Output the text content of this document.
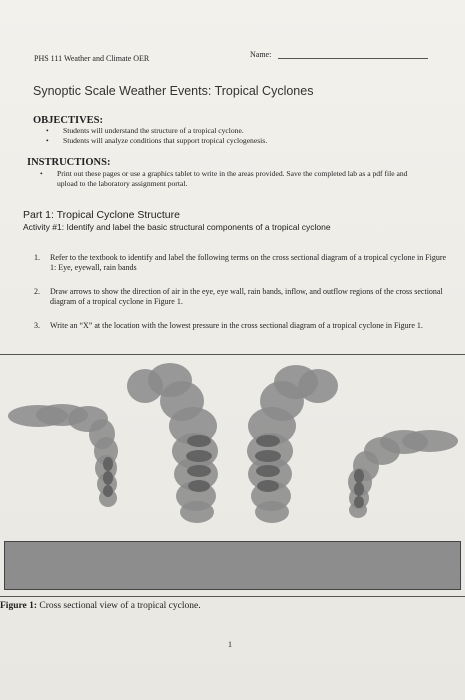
PHS 111 Weather and Climate OER	Name:
Synoptic Scale Weather Events: Tropical Cyclones
OBJECTIVES:
• Students will understand the structure of a tropical cyclone.
• Students will analyze conditions that support tropical cyclogenesis.
INSTRUCTIONS:
• Print out these pages or use a graphics tablet to write in the areas provided. Save the completed lab as a pdf file and upload to the laboratory assignment portal.
Part 1: Tropical Cyclone Structure
Activity #1: Identify and label the basic structural components of a tropical cyclone
1. Refer to the textbook to identify and label the following terms on the cross sectional diagram of a tropical cyclone in Figure 1: Eye, eyewall, rain bands
2. Draw arrows to show the direction of air in the eye, eye wall, rain bands, inflow, and outflow regions of the cross sectional diagram of a tropical cyclone in Figure 1.
3. Write an “X” at the location with the lowest pressure in the cross sectional diagram of a tropical cyclone in Figure 1.
Figure 1: Cross sectional view of a tropical cyclone.
1
